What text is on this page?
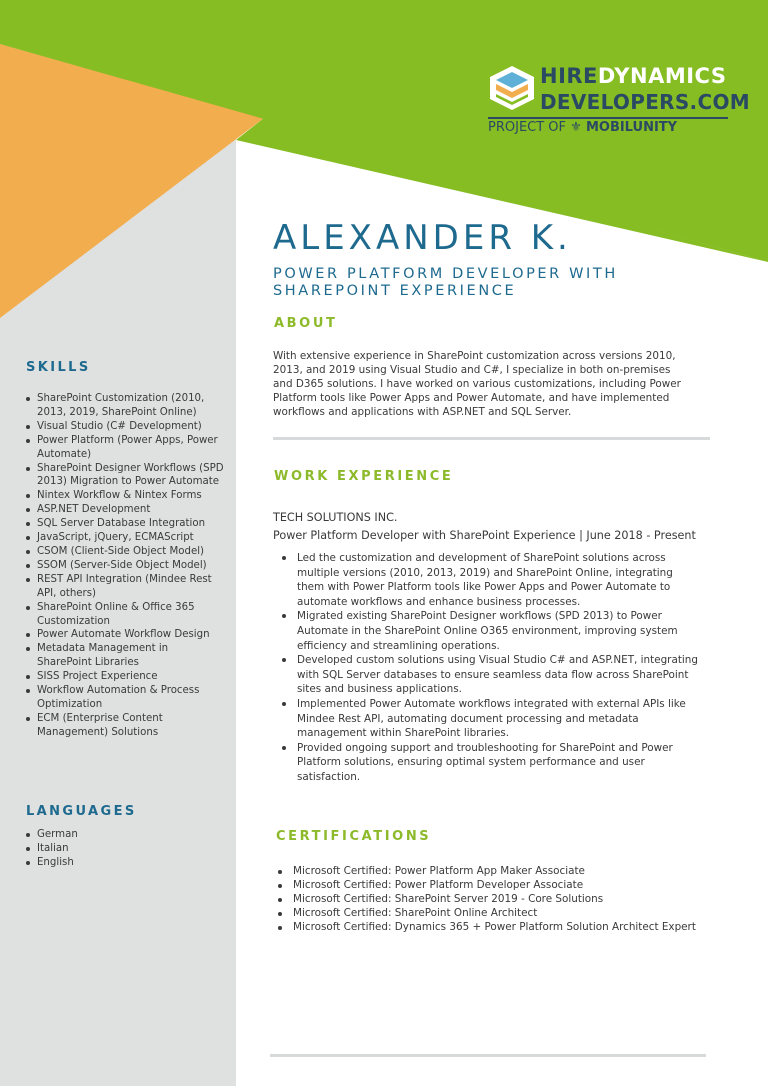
HIREDYNAMICS
DEVELOPERS.COM
PROJECT OF ⚜ MOBILUNITY
ALEXANDER K.
POWER PLATFORM DEVELOPER WITH SHAREPOINT EXPERIENCE
ABOUT
With extensive experience in SharePoint customization across versions 2010, 2013, and 2019 using Visual Studio and C#, I specialize in both on-premises and D365 solutions. I have worked on various customizations, including Power Platform tools like Power Apps and Power Automate, and have implemented workflows and applications with ASP.NET and SQL Server.
WORK EXPERIENCE
TECH SOLUTIONS INC.
Power Platform Developer with SharePoint Experience | June 2018 - Present
Led the customization and development of SharePoint solutions across multiple versions (2010, 2013, 2019) and SharePoint Online, integrating them with Power Platform tools like Power Apps and Power Automate to automate workflows and enhance business processes.
Migrated existing SharePoint Designer workflows (SPD 2013) to Power Automate in the SharePoint Online O365 environment, improving system efficiency and streamlining operations.
Developed custom solutions using Visual Studio C# and ASP.NET, integrating with SQL Server databases to ensure seamless data flow across SharePoint sites and business applications.
Implemented Power Automate workflows integrated with external APIs like Mindee Rest API, automating document processing and metadata management within SharePoint libraries.
Provided ongoing support and troubleshooting for SharePoint and Power Platform solutions, ensuring optimal system performance and user satisfaction.
CERTIFICATIONS
Microsoft Certified: Power Platform App Maker Associate
Microsoft Certified: Power Platform Developer Associate
Microsoft Certified: SharePoint Server 2019 - Core Solutions
Microsoft Certified: SharePoint Online Architect
Microsoft Certified: Dynamics 365 + Power Platform Solution Architect Expert
SKILLS
SharePoint Customization (2010, 2013, 2019, SharePoint Online)
Visual Studio (C# Development)
Power Platform (Power Apps, Power Automate)
SharePoint Designer Workflows (SPD 2013) Migration to Power Automate
Nintex Workflow & Nintex Forms
ASP.NET Development
SQL Server Database Integration
JavaScript, jQuery, ECMAScript
CSOM (Client-Side Object Model)
SSOM (Server-Side Object Model)
REST API Integration (Mindee Rest API, others)
SharePoint Online & Office 365 Customization
Power Automate Workflow Design
Metadata Management in SharePoint Libraries
SISS Project Experience
Workflow Automation & Process Optimization
ECM (Enterprise Content Management) Solutions
LANGUAGES
German
Italian
English
